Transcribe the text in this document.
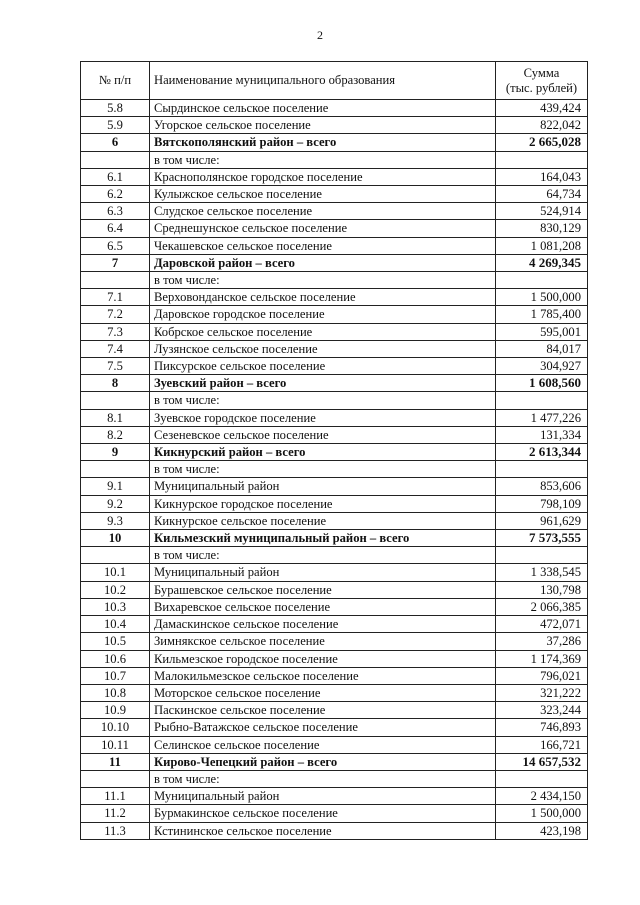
2
№ п/п	Наименование муниципального образования	Сумма
(тыс. рублей)
5.8	Сырдинское сельское поселение	439,424
5.9	Угорское сельское поселение	822,042
6	Вятскополянский район – всего	2 665,028
	в том числе:	
6.1	Краснополянское городское поселение	164,043
6.2	Кулыжское сельское поселение	64,734
6.3	Слудское сельское поселение	524,914
6.4	Среднешунское сельское поселение	830,129
6.5	Чекашевское сельское поселение	1 081,208
7	Даровской район – всего	4 269,345
	в том числе:	
7.1	Верховонданское сельское поселение	1 500,000
7.2	Даровское городское поселение	1 785,400
7.3	Кобрское сельское поселение	595,001
7.4	Лузянское сельское поселение	84,017
7.5	Пиксурское сельское поселение	304,927
8	Зуевский район – всего	1 608,560
	в том числе:	
8.1	Зуевское городское поселение	1 477,226
8.2	Сезеневское сельское поселение	131,334
9	Кикнурский район – всего	2 613,344
	в том числе:	
9.1	Муниципальный район	853,606
9.2	Кикнурское городское поселение	798,109
9.3	Кикнурское сельское поселение	961,629
10	Кильмезский муниципальный район – всего	7 573,555
	в том числе:	
10.1	Муниципальный район	1 338,545
10.2	Бурашевское сельское поселение	130,798
10.3	Вихаревское сельское поселение	2 066,385
10.4	Дамаскинское сельское поселение	472,071
10.5	Зимнякское сельское поселение	37,286
10.6	Кильмезское городское поселение	1 174,369
10.7	Малокильмезское сельское поселение	796,021
10.8	Моторское сельское поселение	321,222
10.9	Паскинское сельское поселение	323,244
10.10	Рыбно-Ватажское сельское поселение	746,893
10.11	Селинское сельское поселение	166,721
11	Кирово-Чепецкий район – всего	14 657,532
	в том числе:	
11.1	Муниципальный район	2 434,150
11.2	Бурмакинское сельское поселение	1 500,000
11.3	Кстининское сельское поселение	423,198
